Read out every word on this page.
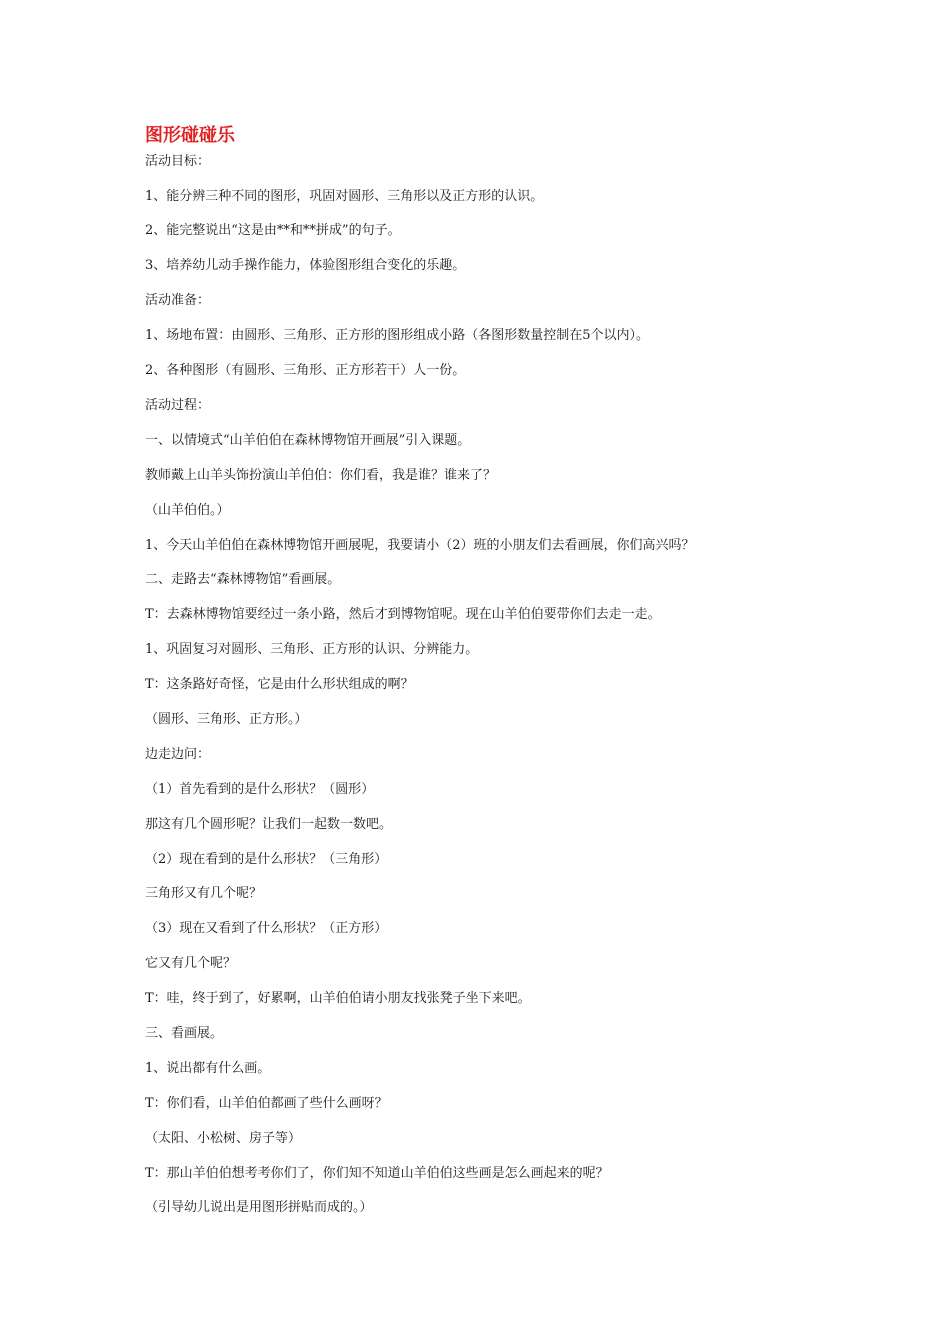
图形碰碰乐
活动目标：
1、能分辨三种不同的图形，巩固对圆形、三角形以及正方形的认识。
2、能完整说出“这是由**和**拼成”的句子。
3、培养幼儿动手操作能力，体验图形组合变化的乐趣。
活动准备：
1、场地布置：由圆形、三角形、正方形的图形组成小路（各图形数量控制在5个以内）。
2、各种图形（有圆形、三角形、正方形若干）人一份。
活动过程：
一、以情境式“山羊伯伯在森林博物馆开画展”引入课题。
教师戴上山羊头饰扮演山羊伯伯：你们看，我是谁？谁来了？
（山羊伯伯。）
1、今天山羊伯伯在森林博物馆开画展呢，我要请小（2）班的小朋友们去看画展，你们高兴吗？
二、走路去“森林博物馆”看画展。
T：去森林博物馆要经过一条小路，然后才到博物馆呢。现在山羊伯伯要带你们去走一走。
1、巩固复习对圆形、三角形、正方形的认识、分辨能力。
T：这条路好奇怪，它是由什么形状组成的啊？
（圆形、三角形、正方形。）
边走边问：
（1）首先看到的是什么形状？（圆形）
那这有几个圆形呢？让我们一起数一数吧。
（2）现在看到的是什么形状？（三角形）
三角形又有几个呢？
（3）现在又看到了什么形状？（正方形）
它又有几个呢？
T：哇，终于到了，好累啊，山羊伯伯请小朋友找张凳子坐下来吧。
三、看画展。
1、说出都有什么画。
T：你们看，山羊伯伯都画了些什么画呀？
（太阳、小松树、房子等）
T：那山羊伯伯想考考你们了，你们知不知道山羊伯伯这些画是怎么画起来的呢？
（引导幼儿说出是用图形拼贴而成的。）
